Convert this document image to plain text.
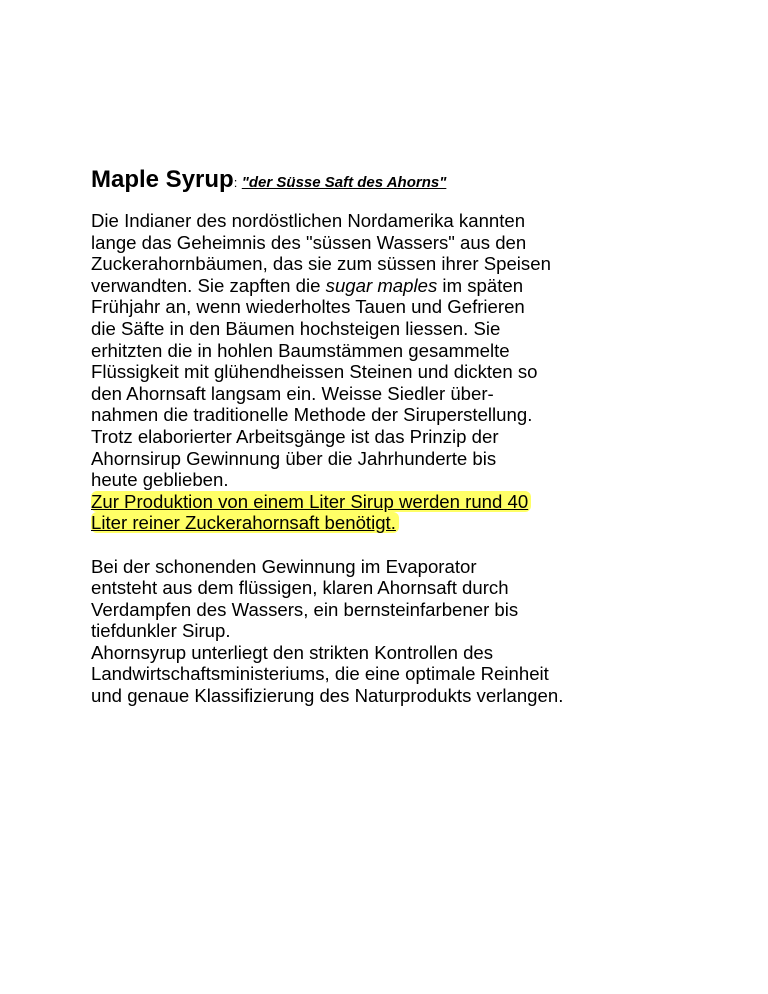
Maple Syrup: "der Süsse Saft des Ahorns"
Die Indianer des nordöstlichen Nordamerika kannten
lange das Geheimnis des "süssen Wassers" aus den
Zuckerahornbäumen, das sie zum süssen ihrer Speisen
verwandten. Sie zapften die sugar maples im späten
Frühjahr an, wenn wiederholtes Tauen und Gefrieren
die Säfte in den Bäumen hochsteigen liessen. Sie
erhitzten die in hohlen Baumstämmen gesammelte
Flüssigkeit mit glühendheissen Steinen und dickten so
den Ahornsaft langsam ein. Weisse Siedler über-
nahmen die traditionelle Methode der Siruperstellung.
Trotz elaborierter Arbeitsgänge ist das Prinzip der
Ahornsirup Gewinnung über die Jahrhunderte bis
heute geblieben.
Zur Produktion von einem Liter Sirup werden rund 40
Liter reiner Zuckerahornsaft benötigt.
Bei der schonenden Gewinnung im Evaporator
entsteht aus dem flüssigen, klaren Ahornsaft durch
Verdampfen des Wassers, ein bernsteinfarbener bis
tiefdunkler Sirup.
Ahornsyrup unterliegt den strikten Kontrollen des
Landwirtschaftsministeriums, die eine optimale Reinheit
und genaue Klassifizierung des Naturprodukts verlangen.
